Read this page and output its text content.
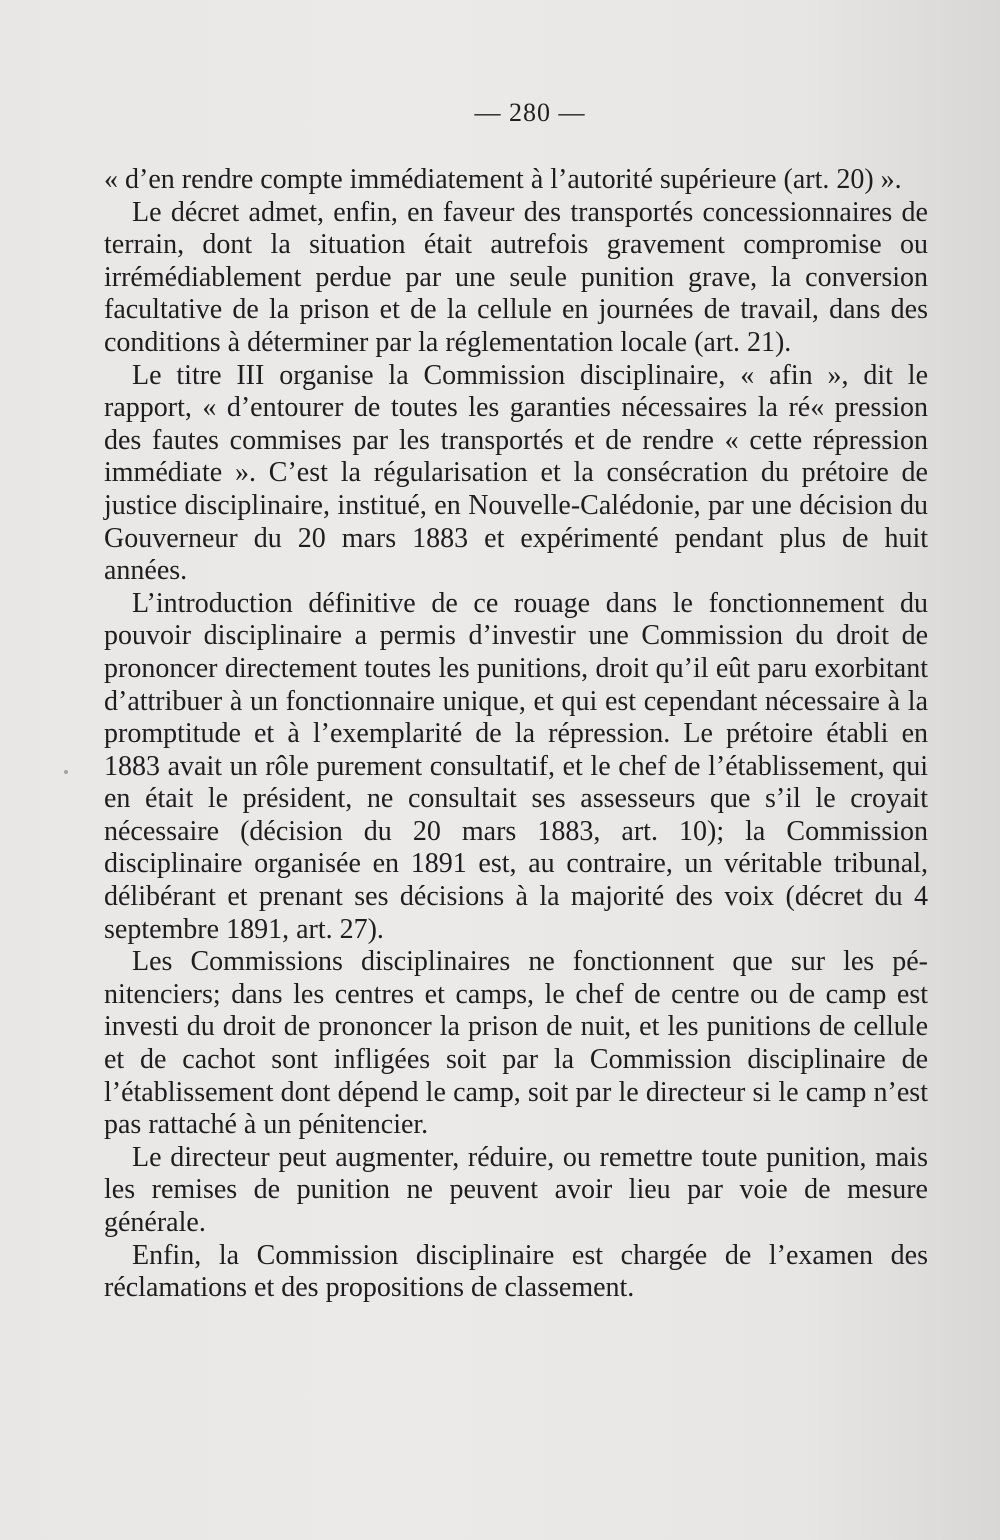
— 280 —

« d’en rendre compte immédiatement à l’autorité supérieure (art. 20) ».

Le décret admet, enfin, en faveur des transportés concessionnaires de terrain, dont la situation était autrefois gravement compromise ou irrémédiablement perdue par une seule punition grave, la conversion facultative de la prison et de la cellule en journées de travail, dans des conditions à déterminer par la réglementation locale (art. 21).

Le titre III organise la Commission disciplinaire, « afin », dit le rapport, « d’entourer de toutes les garanties nécessaires la ré« pression des fautes commises par les transportés et de rendre « cette répression immédiate ». C’est la régularisation et la consécration du prétoire de justice disciplinaire, institué, en Nouvelle-Calédonie, par une décision du Gouverneur du 20 mars 1883 et expérimenté pendant plus de huit années.

L’introduction définitive de ce rouage dans le fonctionnement du pouvoir disciplinaire a permis d’investir une Commission du droit de prononcer directement toutes les punitions, droit qu’il eût paru exorbitant d’attribuer à un fonctionnaire unique, et qui est cependant nécessaire à la promptitude et à l’exemplarité de la répression. Le prétoire établi en 1883 avait un rôle purement consultatif, et le chef de l’établissement, qui en était le président, ne consultait ses assesseurs que s’il le croyait nécessaire (décision du 20 mars 1883, art. 10); la Commission disciplinaire organisée en 1891 est, au contraire, un véritable tribunal, délibérant et prenant ses décisions à la majorité des voix (décret du 4 septembre 1891, art. 27).

Les Commissions disciplinaires ne fonctionnent que sur les pénitenciers; dans les centres et camps, le chef de centre ou de camp est investi du droit de prononcer la prison de nuit, et les punitions de cellule et de cachot sont infligées soit par la Commission disciplinaire de l’établissement dont dépend le camp, soit par le directeur si le camp n’est pas rattaché à un pénitencier.

Le directeur peut augmenter, réduire, ou remettre toute punition, mais les remises de punition ne peuvent avoir lieu par voie de mesure générale.

Enfin, la Commission disciplinaire est chargée de l’examen des réclamations et des propositions de classement.
